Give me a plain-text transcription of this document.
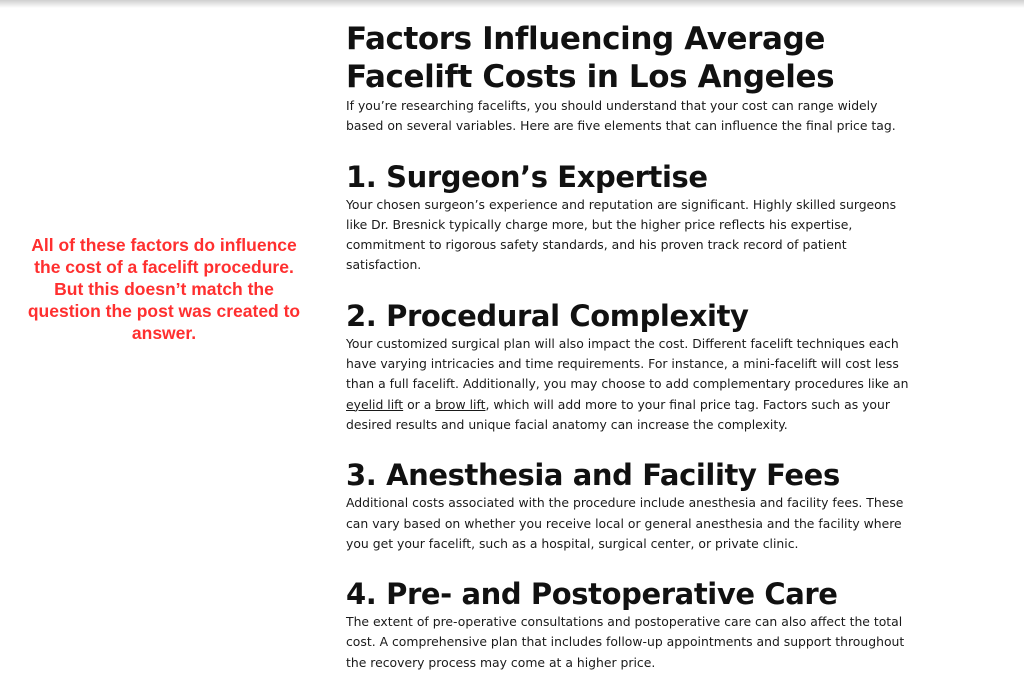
All of these factors do influence the cost of a facelift procedure. But this doesn’t match the question the post was created to answer.

Factors Influencing Average Facelift Costs in Los Angeles

If you’re researching facelifts, you should understand that your cost can range widely based on several variables. Here are five elements that can influence the final price tag.

1. Surgeon’s Expertise

Your chosen surgeon’s experience and reputation are significant. Highly skilled surgeons like Dr. Bresnick typically charge more, but the higher price reflects his expertise, commitment to rigorous safety standards, and his proven track record of patient satisfaction.

2. Procedural Complexity

Your customized surgical plan will also impact the cost. Different facelift techniques each have varying intricacies and time requirements. For instance, a mini-facelift will cost less than a full facelift. Additionally, you may choose to add complementary procedures like an eyelid lift or a brow lift, which will add more to your final price tag. Factors such as your desired results and unique facial anatomy can increase the complexity.

3. Anesthesia and Facility Fees

Additional costs associated with the procedure include anesthesia and facility fees. These can vary based on whether you receive local or general anesthesia and the facility where you get your facelift, such as a hospital, surgical center, or private clinic.

4. Pre- and Postoperative Care

The extent of pre-operative consultations and postoperative care can also affect the total cost. A comprehensive plan that includes follow-up appointments and support throughout the recovery process may come at a higher price.
